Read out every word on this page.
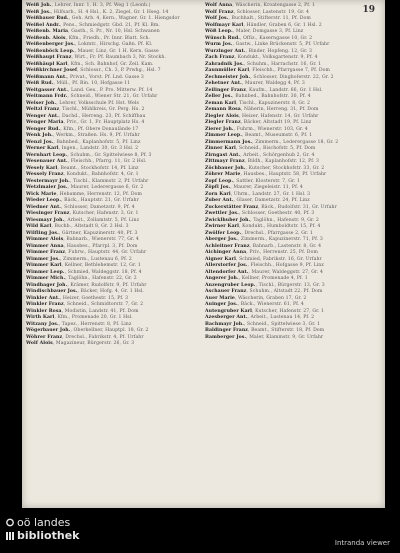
19
Weiß Joh., Lehrer, Innr. 1, H. 3, Pf. Weg 1 (Leonh.)
Weiß Jos., Hilfsarb., H. 4 Hsl., K. 2, Ziegel, Gr. 1 Hseg. 14
Weißbauer Rud., Geh. Arb. 4, Kern., Wagner. Gr. 1. Hiengsdor
Weißel Andr., Pens., Schmiedgstr. Gbd. 21, Pf. Kl. Bm.
Weißenb. Maria, Gasth., S. Pr., Nr. 10, Hsl. Schwanen
Weißenb. Alois, Kfm., Friedh., Pr. Innr. Blatt. Sch.
Weißenberger Jos., Lokmtr., Hirschg. Gaßn. Pf. Kl.
Weißenböck Leop., Mauer, Linz, Gr. 1 H. Kern. Gasse
Weißhaupt Franz, Wirt., Fr. Pf. Baumbach 3, Nr. Stockh.
Weißhäupl Karl, Kfm., Sch. Bahnhof, Gr. Zeil. Kam.
Weißkirchner Josef, Schlossr., Ch. 3, P. Prwhg., Hsl. 7
Weißmann Ant., Privat., Vorst. Pf. Lnd. Gasse 3
Weiß Rud., Müll., Pf. Bin. 10, Hofgasse 11
Weitgasser Ant., Land. Ges., P. Pro. Mitterw. Pf. 14
Weitmann Frdr., Schneid., Wiener Str. 21, Gr. Urfahr
Welser Joh., Lehrer, Volksschule Pf. Hst. Wels
Weltzl Franz, Tischl., Mühlkreis, Gr. Perg. Hs. 2
Wenger Ant., Dachd., Herreng. 23, Pf. Schiffbau
Wenger Maria, Priv., Gr. 1, Fr. Hauptplatz Hs. 4
Wenger Rud., Kfm., Pf. Obere Donaulände 17
Wenk Joh., Werkm., Straßen. Hs. 9, Pf. Urfahr
Wenzl Jos., Bahnbed., Kaplanhofstr. 5, Pf. Linz
Werner Karl, Ingen., Landstr. 30, Gr. 3 Hsl. 2
Wernhart Leop., Schuhm., Gr. Spittelwiese 8, Pf. 3
Wesenauer Ant., Fleischh., Pfarrg. 11, Gr. 2 Hsl.
Wesely Karl, Beamt., Stockhofstr. 14, Pf. Linz
Wessely Franz, Kondukt., Bahnhofstr. 4, Gr. 1
Westermayr Joh., Tischl., Klammstr. 2, Pf. Urfahr
Wetzlmaier Jos., Maurer, Lederergasse 6, Gr. 2
Wick Marie, Hebamme, Herrenstr. 12, Pf. Dom
Wieder Leop., Bäck., Hauptstr. 21, Gr. Urfahr
Wiedner Ant., Schlosser, Dametzstr. 9, Pf. 4
Wiesinger Franz, Kutscher, Hafenstr. 3, Gr. 1
Wiesmayr Joh., Arbeit., Zollamtstr. 5, Pf. Linz
Wild Karl, Buchb., Altstadt 8, Gr. 2 Hsl. 3
Wilfling Jos., Gärtner, Kapuzinerstr. 40, Pf. 3
Wimmer Alois, Bahnarb., Wienerstr. 77, Gr. 4
Wimmer Anna, Hausbes., Pfarrpl. 3, Pf. Dom
Wimmer Franz, Fuhrw., Hauptstr. 44, Gr. Urfahr
Wimmer Jos., Zimmerm., Lustenau 6, Pf. 2
Wimmer Karl, Kellner, Bethlehemstr. 12, Gr. 1
Wimmer Leop., Schmied, Waldeggstr. 18, Pf. 4
Wimmer Mich., Taglöhn., Hafenstr. 22, Gr. 2
Windhager Joh., Krämer, Rudolfstr. 9, Pf. Urfahr
Windischbauer Jos., Bäcker, Hofg. 4, Gr. 1 Hsl.
Winkler Ant., Heizer, Goethestr. 15, Pf. 3
Winkler Franz, Schneid., Schmidtorstr. 7, Gr. 2
Winkler Rosa, Modistin, Landstr. 41, Pf. Dom
Wirth Karl, Kfm., Promenade 20, Gr. 1 Hsl.
Witzany Jos., Tapez., Herrenstr. 8, Pf. Linz
Wögerbauer Joh., Oberkellner, Hauptpl. 18, Gr. 2
Wöhrer Franz, Drechsl., Fabrikstr. 4, Pf. Urfahr
Wolf Alois, Magazineur, Bürgerstr. 26, Gr. 3
Wolf Anna, Wäscherin, Kroatengasse 2, Pf. 1
Wolf Franz, Schlosser, Lastenstr. 19, Gr. 4
Wolf Jos., Buchhalt., Stifterstr. 11, Pf. Dom
Wolfmayr Karl, Händler, Graben 6, Gr. 1 Hsl. 2
Wöß Leop., Maler, Domgasse 3, Pf. Linz
Wünsch Rud., Offiz., Kaserngasse 10, Gr. 2
Wurm Jos., Gastw., Linke Brückenstr. 5, Pf. Urfahr
Wurzinger Ant., Binder, Hopfeng. 12, Gr. 3
Zach Franz, Kondukt., Volksgartenstr. 9, Pf. 4
Zahradnik Jos., Schuhm., Harrachstr. 16, Gr. 1
Zaunmüller Karl, Fleischh., Pfarrgasse 7, Pf. Dom
Zechmeister Joh., Schlosser, Dinghoferstr. 22, Gr. 2
Zehetner Ant., Maurer, Waldegg 4, Pf. 3
Zeilinger Franz, Kaufm., Landstr. 66, Gr. 1 Hsl.
Zeller Jos., Bahnbed., Bahnhofstr. 30, Pf. 4
Zeman Karl, Tischl., Kapuzinerstr. 8, Gr. 2
Zemann Rosa, Näherin, Herreng. 31, Pf. Dom
Ziegler Alois, Heizer, Hafenstr. 14, Gr. Urfahr
Ziegler Franz, Bäcker, Altstadt 19, Pf. Linz
Zierer Joh., Fuhrm., Wienerstr. 103, Gr. 4
Zimmer Leop., Beamt., Museumstr. 6, Pf. 1
Zimmermann Jos., Zimmerm., Lederergasse 18, Gr. 2
Zinner Karl, Schneid., Bischofstr. 5, Pf. Dom
Zirngast Ant., Arbeit., Schörgenhub 2, Gr. 4
Zittmayr Franz, Bildh., Kaplanhofstr. 12, Pf. 3
Zöchbauer Joh., Kutscher, Stockhofstr. 33, Gr. 2
Zöhrer Marie, Hausbes., Hauptstr. 58, Pf. Urfahr
Zopf Leop., Sattler, Klosterstr. 7, Gr. 1
Zöpfl Jos., Maurer, Ziegeleistr. 11, Pf. 4
Zorn Karl, Uhrm., Landstr. 27, Gr. 1 Hsl. 3
Zuber Ant., Glaser, Dametzstr. 24, Pf. Linz
Zuckerstätter Franz, Bäck., Rudolfstr. 31, Gr. Urfahr
Zwettler Jos., Schlosser, Goethestr. 40, Pf. 3
Zwicklhuber Joh., Taglöhn., Hafenstr. 9, Gr. 2
Zwirner Karl, Kondukt., Humboldtstr. 15, Pf. 4
Zwölfer Leop., Drechsl., Pfarrgasse 2, Gr. 1
Aberger Jos., Zimmerm., Kapuzinerstr. 71, Pf. 3
Achleitner Franz, Bahnarb., Lastenstr. 8, Gr. 4
Aichinger Anna, Priv., Herrenstr. 25, Pf. Dom
Aigner Karl, Schmied, Fabrikstr. 16, Gr. Urfahr
Allerstorfer Jos., Fleischh., Hofgasse 9, Pf. Linz
Altendorfer Ant., Maurer, Waldeggstr. 27, Gr. 4
Angerer Joh., Kellner, Promenade 4, Pf. 1
Anzengruber Leop., Tischl., Bürgerstr. 13, Gr. 3
Aschauer Franz, Schuhm., Altstadt 22, Pf. Dom
Auer Marie, Wäscherin, Graben 17, Gr. 2
Auinger Jos., Bäck., Wienerstr. 61, Pf. 4
Autengruber Karl, Kutscher, Hafenstr. 27, Gr. 1
Azesberger Ant., Arbeit., Lustenau 14, Pf. 2
Bachmayr Joh., Schneid., Spittelwiese 3, Gr. 1
Baldinger Franz, Beamt., Stifterstr. 18, Pf. Dom
Bamberger Jos., Maler, Klammstr. 9, Gr. Urfahr
oö landes
bibliothek
Intranda viewer
